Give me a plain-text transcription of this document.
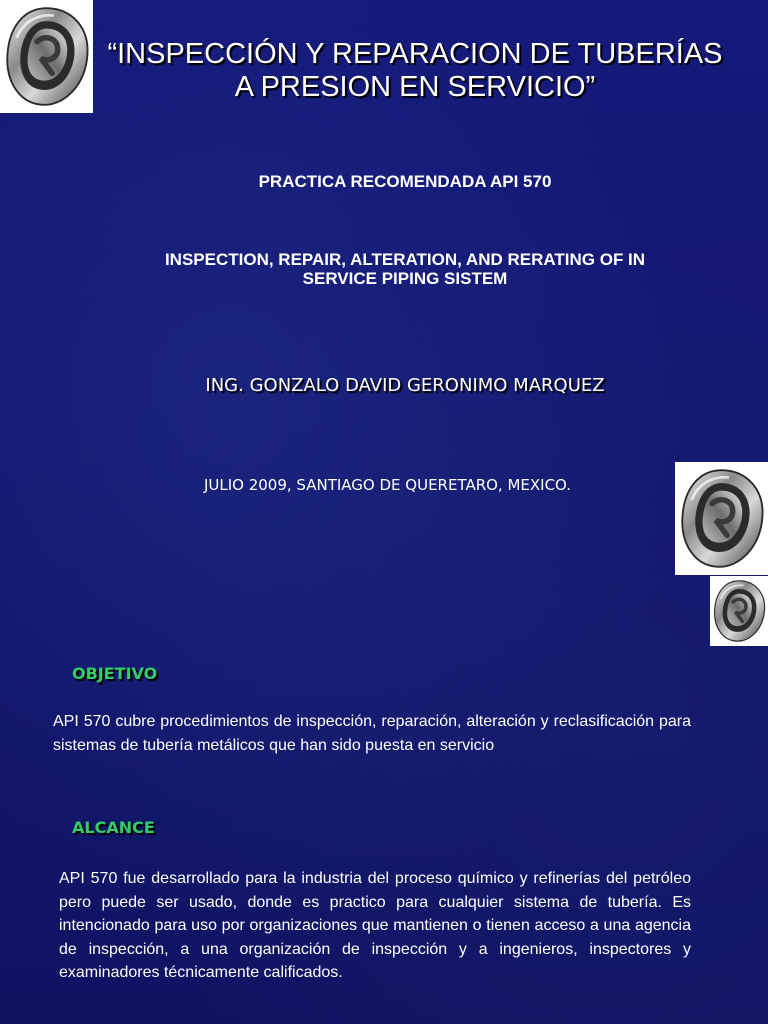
“INSPECCIÓN Y REPARACION DE TUBERÍAS
A PRESION EN SERVICIO”
PRACTICA RECOMENDADA API 570
INSPECTION, REPAIR, ALTERATION, AND RERATING OF IN
SERVICE PIPING SISTEM
ING. GONZALO DAVID GERONIMO MARQUEZ
JULIO 2009, SANTIAGO DE QUERETARO, MEXICO.
OBJETIVO
API 570 cubre procedimientos de inspección, reparación, alteración y reclasificación para sistemas de tubería metálicos que han sido puesta en servicio
ALCANCE
API 570 fue desarrollado para la industria del proceso químico y refinerías del petróleo pero puede ser usado, donde es practico para cualquier sistema de tubería. Es intencionado para uso por organizaciones que mantienen o tienen acceso a una agencia de inspección, a una organización de inspección y a ingenieros, inspectores y examinadores técnicamente calificados.
